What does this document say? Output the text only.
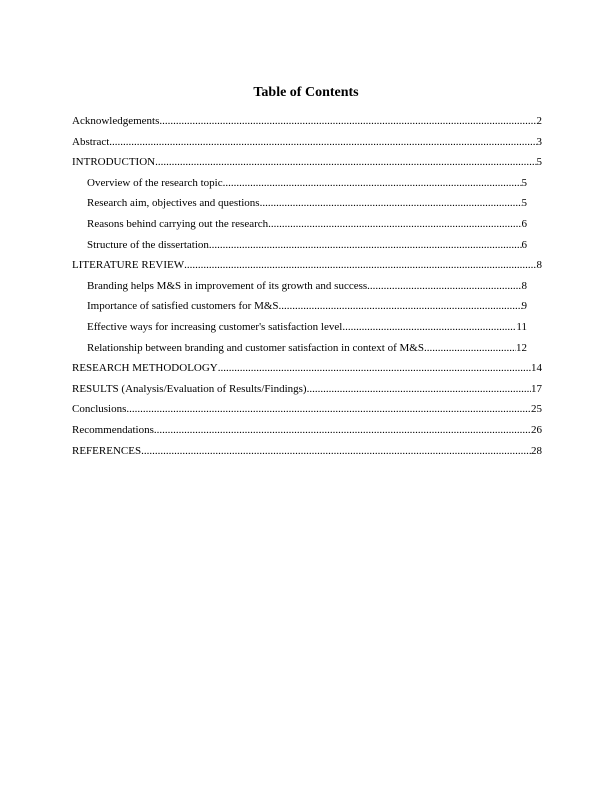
Table of Contents
Acknowledgements .....	2
Abstract .....	3
INTRODUCTION .....	5
Overview of the research topic .....	5
Research aim, objectives and questions .....	5
Reasons behind carrying out the research .....	6
Structure of the dissertation .....	6
LITERATURE REVIEW .....	8
Branding helps M&S in improvement of its growth and success .....	8
Importance of satisfied customers for M&S .....	9
Effective ways for increasing customer's satisfaction level .....	11
Relationship between branding and customer satisfaction in context of M&S .....	12
RESEARCH METHODOLOGY .....	14
RESULTS (Analysis/Evaluation of Results/Findings) .....	17
Conclusions .....	25
Recommendations .....	26
REFERENCES .....	28
